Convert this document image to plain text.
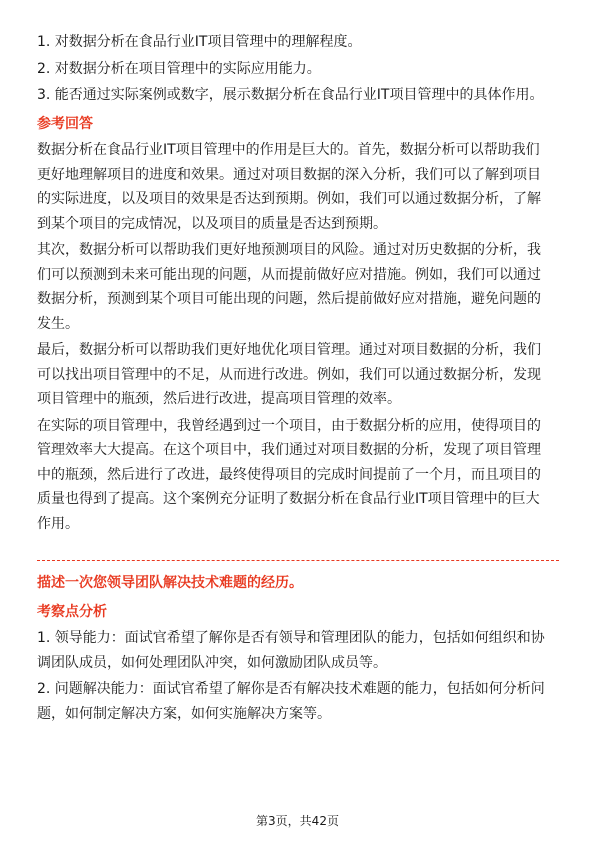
1. 对数据分析在食品行业IT项目管理中的理解程度。

2. 对数据分析在项目管理中的实际应用能力。

3. 能否通过实际案例或数字，展示数据分析在食品行业IT项目管理中的具体作用。

参考回答

数据分析在食品行业IT项目管理中的作用是巨大的。首先，数据分析可以帮助我们

更好地理解项目的进度和效果。通过对项目数据的深入分析，我们可以了解到项目

的实际进度，以及项目的效果是否达到预期。例如，我们可以通过数据分析，了解

到某个项目的完成情况，以及项目的质量是否达到预期。

其次，数据分析可以帮助我们更好地预测项目的风险。通过对历史数据的分析，我

们可以预测到未来可能出现的问题，从而提前做好应对措施。例如，我们可以通过

数据分析，预测到某个项目可能出现的问题，然后提前做好应对措施，避免问题的

发生。

最后，数据分析可以帮助我们更好地优化项目管理。通过对项目数据的分析，我们

可以找出项目管理中的不足，从而进行改进。例如，我们可以通过数据分析，发现

项目管理中的瓶颈，然后进行改进，提高项目管理的效率。

在实际的项目管理中，我曾经遇到过一个项目，由于数据分析的应用，使得项目的

管理效率大大提高。在这个项目中，我们通过对项目数据的分析，发现了项目管理

中的瓶颈，然后进行了改进，最终使得项目的完成时间提前了一个月，而且项目的

质量也得到了提高。这个案例充分证明了数据分析在食品行业IT项目管理中的巨大

作用。

描述一次您领导团队解决技术难题的经历。
考察点分析

1. 领导能力：面试官希望了解你是否有领导和管理团队的能力，包括如何组织和协

调团队成员，如何处理团队冲突，如何激励团队成员等。

2. 问题解决能力：面试官希望了解你是否有解决技术难题的能力，包括如何分析问

题，如何制定解决方案，如何实施解决方案等。

第3页，共42页
